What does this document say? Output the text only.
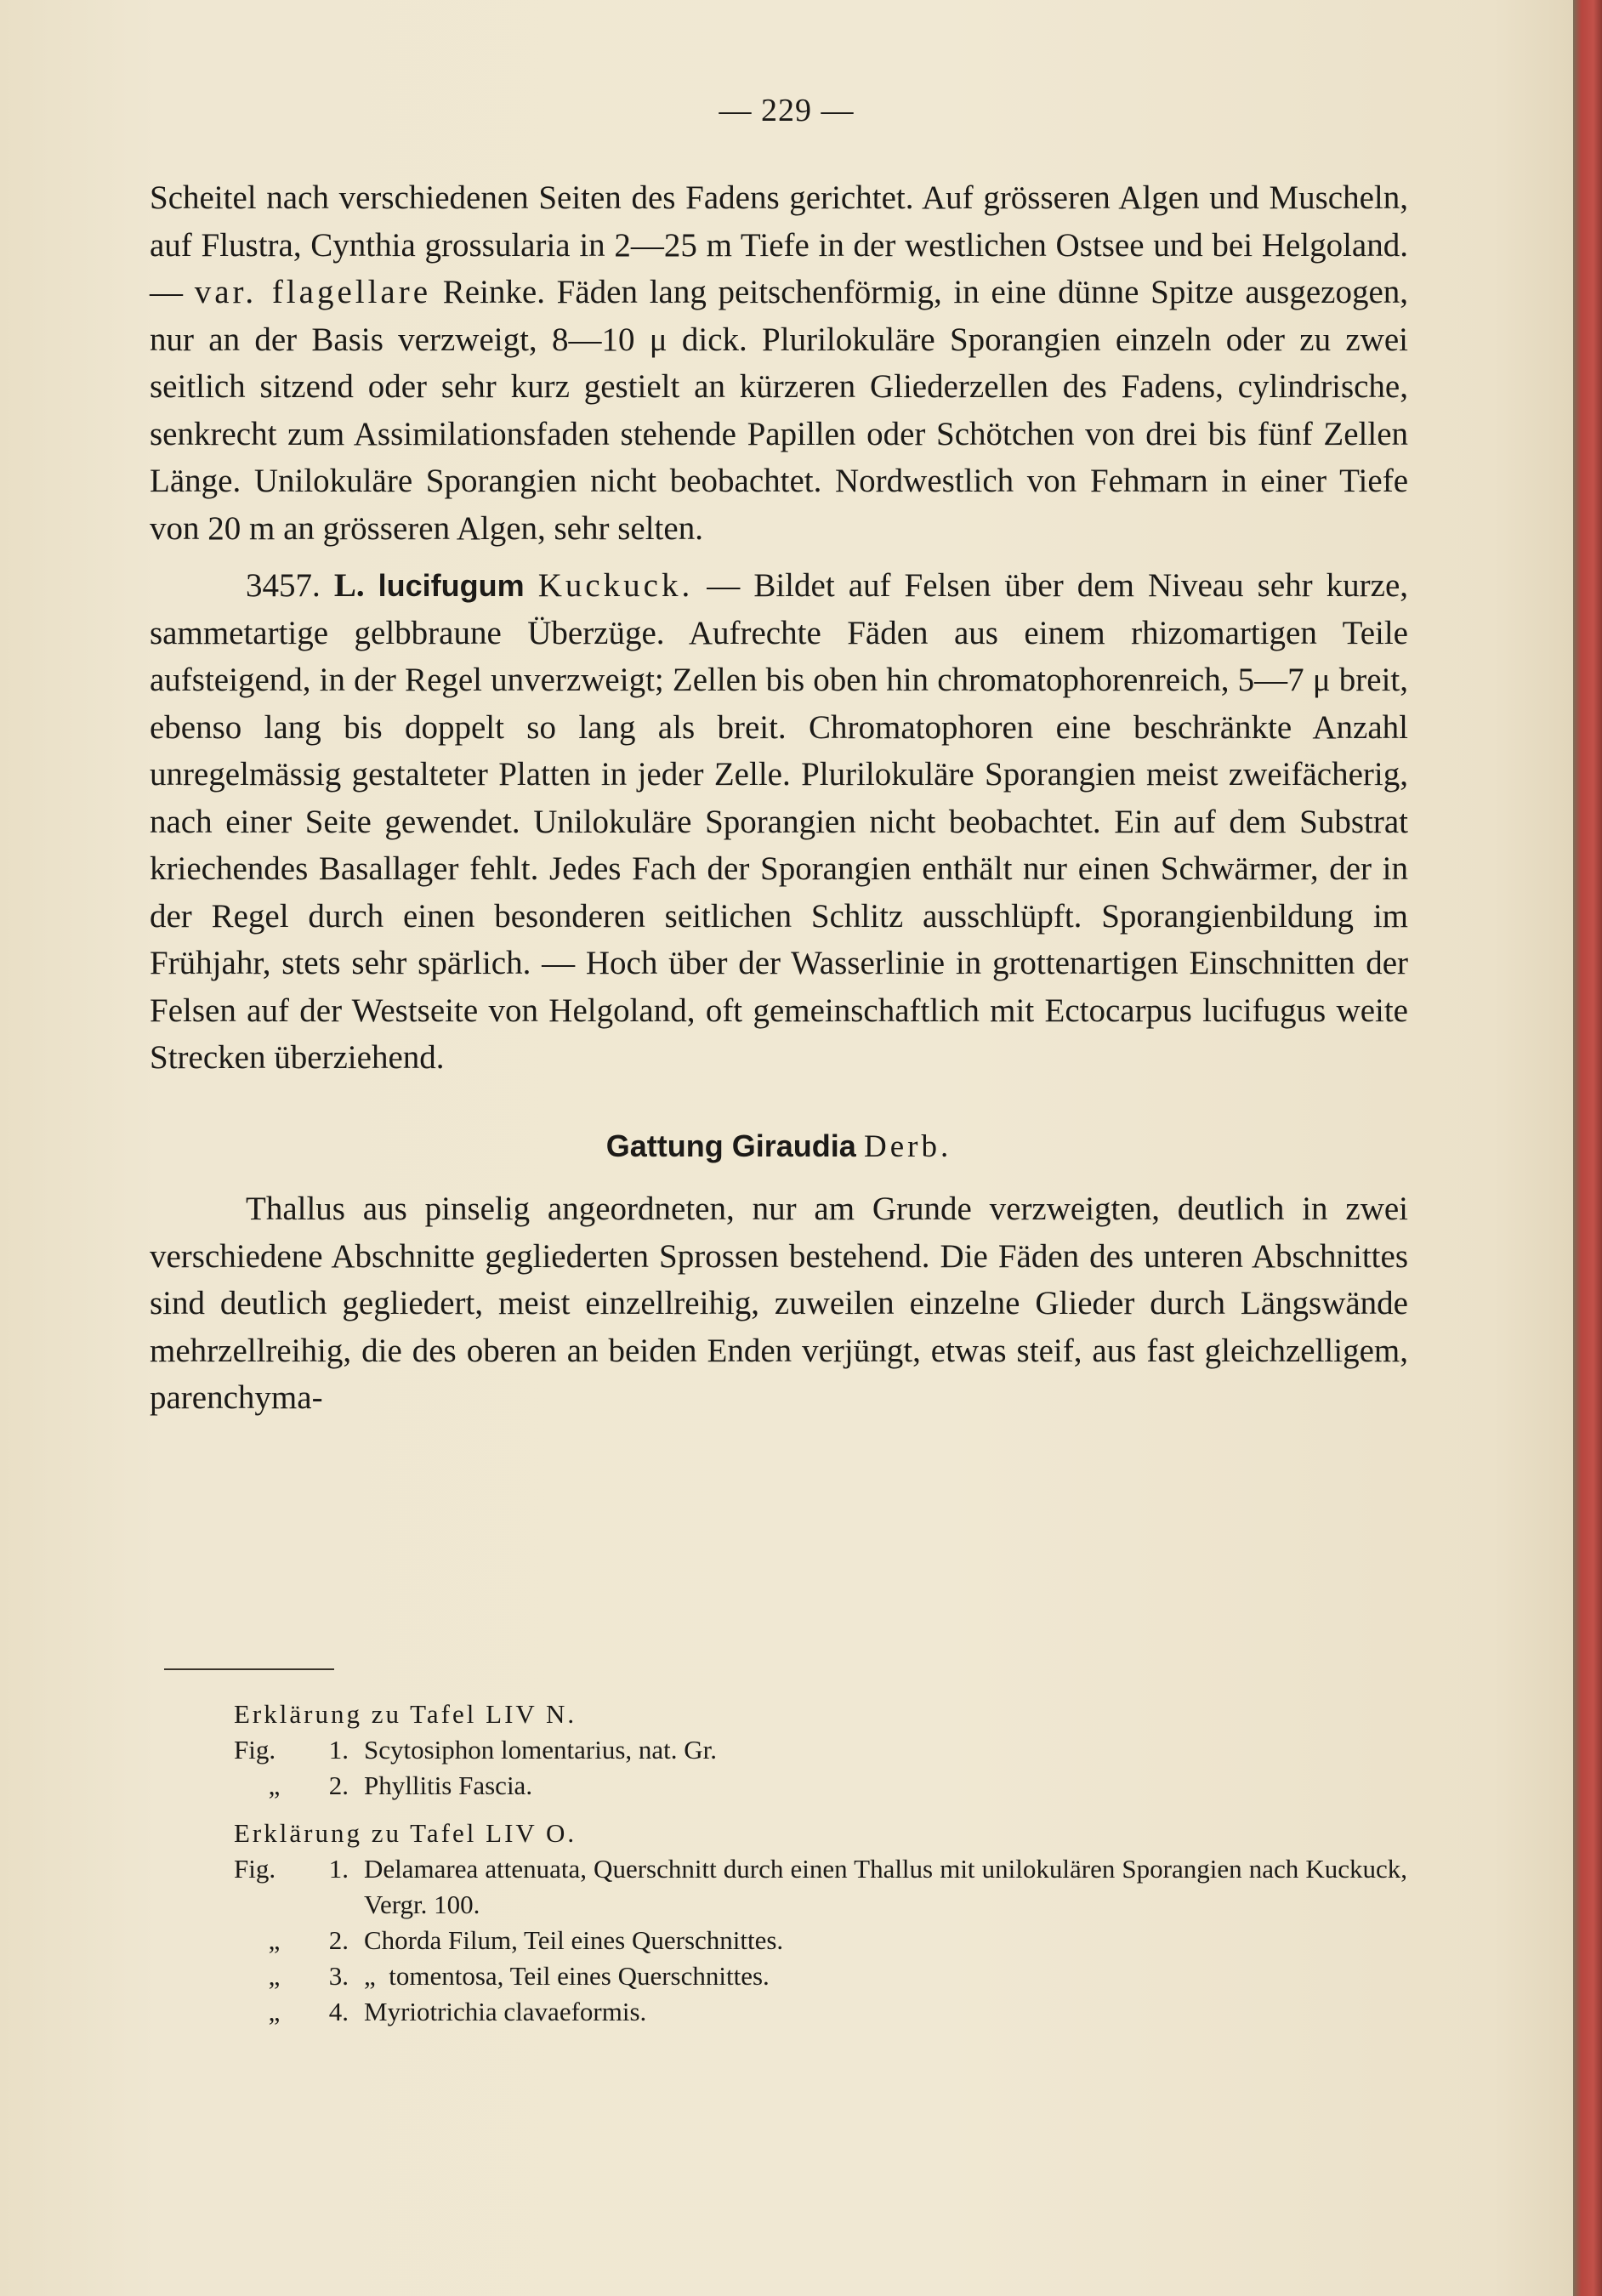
— 229 —

Scheitel nach verschiedenen Seiten des Fadens gerichtet. Auf grösseren Algen und Muscheln, auf Flustra, Cynthia grossularia in 2—25 m Tiefe in der westlichen Ostsee und bei Helgoland. — var. flagellare Reinke. Fäden lang peitschenförmig, in eine dünne Spitze ausgezogen, nur an der Basis verzweigt, 8—10 μ dick. Plurilokuläre Sporangien einzeln oder zu zwei seitlich sitzend oder sehr kurz gestielt an kürzeren Gliederzellen des Fadens, cylindrische, senkrecht zum Assimilationsfaden stehende Papillen oder Schötchen von drei bis fünf Zellen Länge. Unilokuläre Sporangien nicht beobachtet. Nordwestlich von Fehmarn in einer Tiefe von 20 m an grösseren Algen, sehr selten.

3457. L. lucifugum Kuckuck. — Bildet auf Felsen über dem Niveau sehr kurze, sammetartige gelbbraune Überzüge. Aufrechte Fäden aus einem rhizomartigen Teile aufsteigend, in der Regel unverzweigt; Zellen bis oben hin chromatophorenreich, 5—7 μ breit, ebenso lang bis doppelt so lang als breit. Chromatophoren eine beschränkte Anzahl unregelmässig gestalteter Platten in jeder Zelle. Plurilokuläre Sporangien meist zweifächerig, nach einer Seite gewendet. Unilokuläre Sporangien nicht beobachtet. Ein auf dem Substrat kriechendes Basallager fehlt. Jedes Fach der Sporangien enthält nur einen Schwärmer, der in der Regel durch einen besonderen seitlichen Schlitz ausschlüpft. Sporangienbildung im Frühjahr, stets sehr spärlich. — Hoch über der Wasserlinie in grottenartigen Einschnitten der Felsen auf der Westseite von Helgoland, oft gemeinschaftlich mit Ectocarpus lucifugus weite Strecken überziehend.

Gattung Giraudia Derb.

Thallus aus pinselig angeordneten, nur am Grunde verzweigten, deutlich in zwei verschiedene Abschnitte gegliederten Sprossen bestehend. Die Fäden des unteren Abschnittes sind deutlich gegliedert, meist einzellreihig, zuweilen einzelne Glieder durch Längswände mehrzellreihig, die des oberen an beiden Enden verjüngt, etwas steif, aus fast gleichzelligem, parenchyma-

Erklärung zu Tafel LIV N.
Fig.	1. Scytosiphon lomentarius, nat. Gr.
„	2. Phyllitis Fascia.
Erklärung zu Tafel LIV O.
Fig.	1. Delamarea attenuata, Querschnitt durch einen Thallus mit unilokulären Sporangien nach Kuckuck, Vergr. 100.
„	2. Chorda Filum, Teil eines Querschnittes.
„	3. „  tomentosa, Teil eines Querschnittes.
„	4. Myriotrichia clavaeformis.
